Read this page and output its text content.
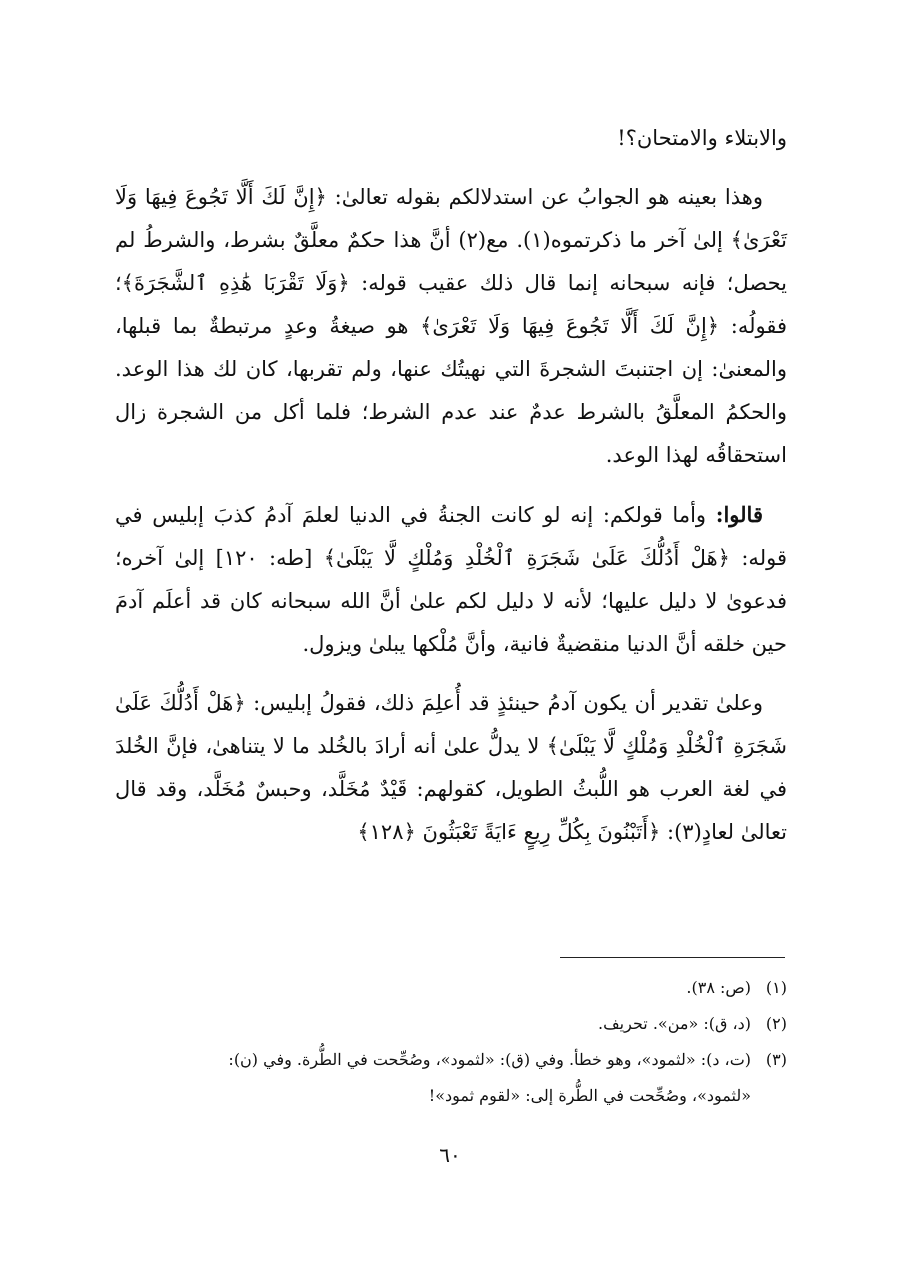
والابتلاء والامتحان؟!

وهذا بعينه هو الجوابُ عن استدلالكم بقوله تعالىٰ: ﴿إِنَّ لَكَ أَلَّا تَجُوعَ فِيهَا وَلَا تَعْرَىٰ﴾ إلىٰ آخر ما ذكرتموه(١). مع(٢) أنَّ هذا حكمٌ معلَّقٌ بشرط، والشرطُ لم يحصل؛ فإنه سبحانه إنما قال ذلك عقيب قوله: ﴿وَلَا تَقْرَبَا هَٰذِهِ ٱلشَّجَرَةَ﴾؛ فقولُه: ﴿إِنَّ لَكَ أَلَّا تَجُوعَ فِيهَا وَلَا تَعْرَىٰ﴾ هو صيغةُ وعدٍ مرتبطةٌ بما قبلها، والمعنىٰ: إن اجتنبتَ الشجرةَ التي نهيتُك عنها، ولم تقربها، كان لك هذا الوعد. والحكمُ المعلَّقُ بالشرط عدمٌ عند عدم الشرط؛ فلما أكل من الشجرة زال استحقاقُه لهذا الوعد.

قالوا: وأما قولكم: إنه لو كانت الجنةُ في الدنيا لعلمَ آدمُ كذبَ إبليس في قوله: ﴿هَلْ أَدُلُّكَ عَلَىٰ شَجَرَةِ ٱلْخُلْدِ وَمُلْكٍ لَّا يَبْلَىٰ﴾ [طه: ١٢٠] إلىٰ آخره؛ فدعوىٰ لا دليل عليها؛ لأنه لا دليل لكم علىٰ أنَّ الله سبحانه كان قد أعلَم آدمَ حين خلقه أنَّ الدنيا منقضيةٌ فانية، وأنَّ مُلْكها يبلىٰ ويزول.

وعلىٰ تقدير أن يكون آدمُ حينئذٍ قد أُعلِمَ ذلك، فقولُ إبليس: ﴿هَلْ أَدُلُّكَ عَلَىٰ شَجَرَةِ ٱلْخُلْدِ وَمُلْكٍ لَّا يَبْلَىٰ﴾ لا يدلُّ علىٰ أنه أرادَ بالخُلد ما لا يتناهىٰ، فإنَّ الخُلدَ في لغة العرب هو اللُّبثُ الطويل، كقولهم: قَيْدٌ مُخَلَّد، وحبسٌ مُخَلَّد، وقد قال تعالىٰ لعادٍ(٣): ﴿أَتَبْنُونَ بِكُلِّ رِيعٍ ءَايَةً تَعْبَثُونَ ﴿١٢٨﴾

(١)(ص: ٣٨).

(٢)(د، ق): «من». تحريف.

(٣)(ت، د): «لثمود»، وهو خطأ. وفي (ق): «لثمود»، وصُحِّحت في الطُّرة. وفي (ن):

«لثمود»، وصُحِّحت في الطُّرة إلى: «لقوم ثمود»!

٦٠
